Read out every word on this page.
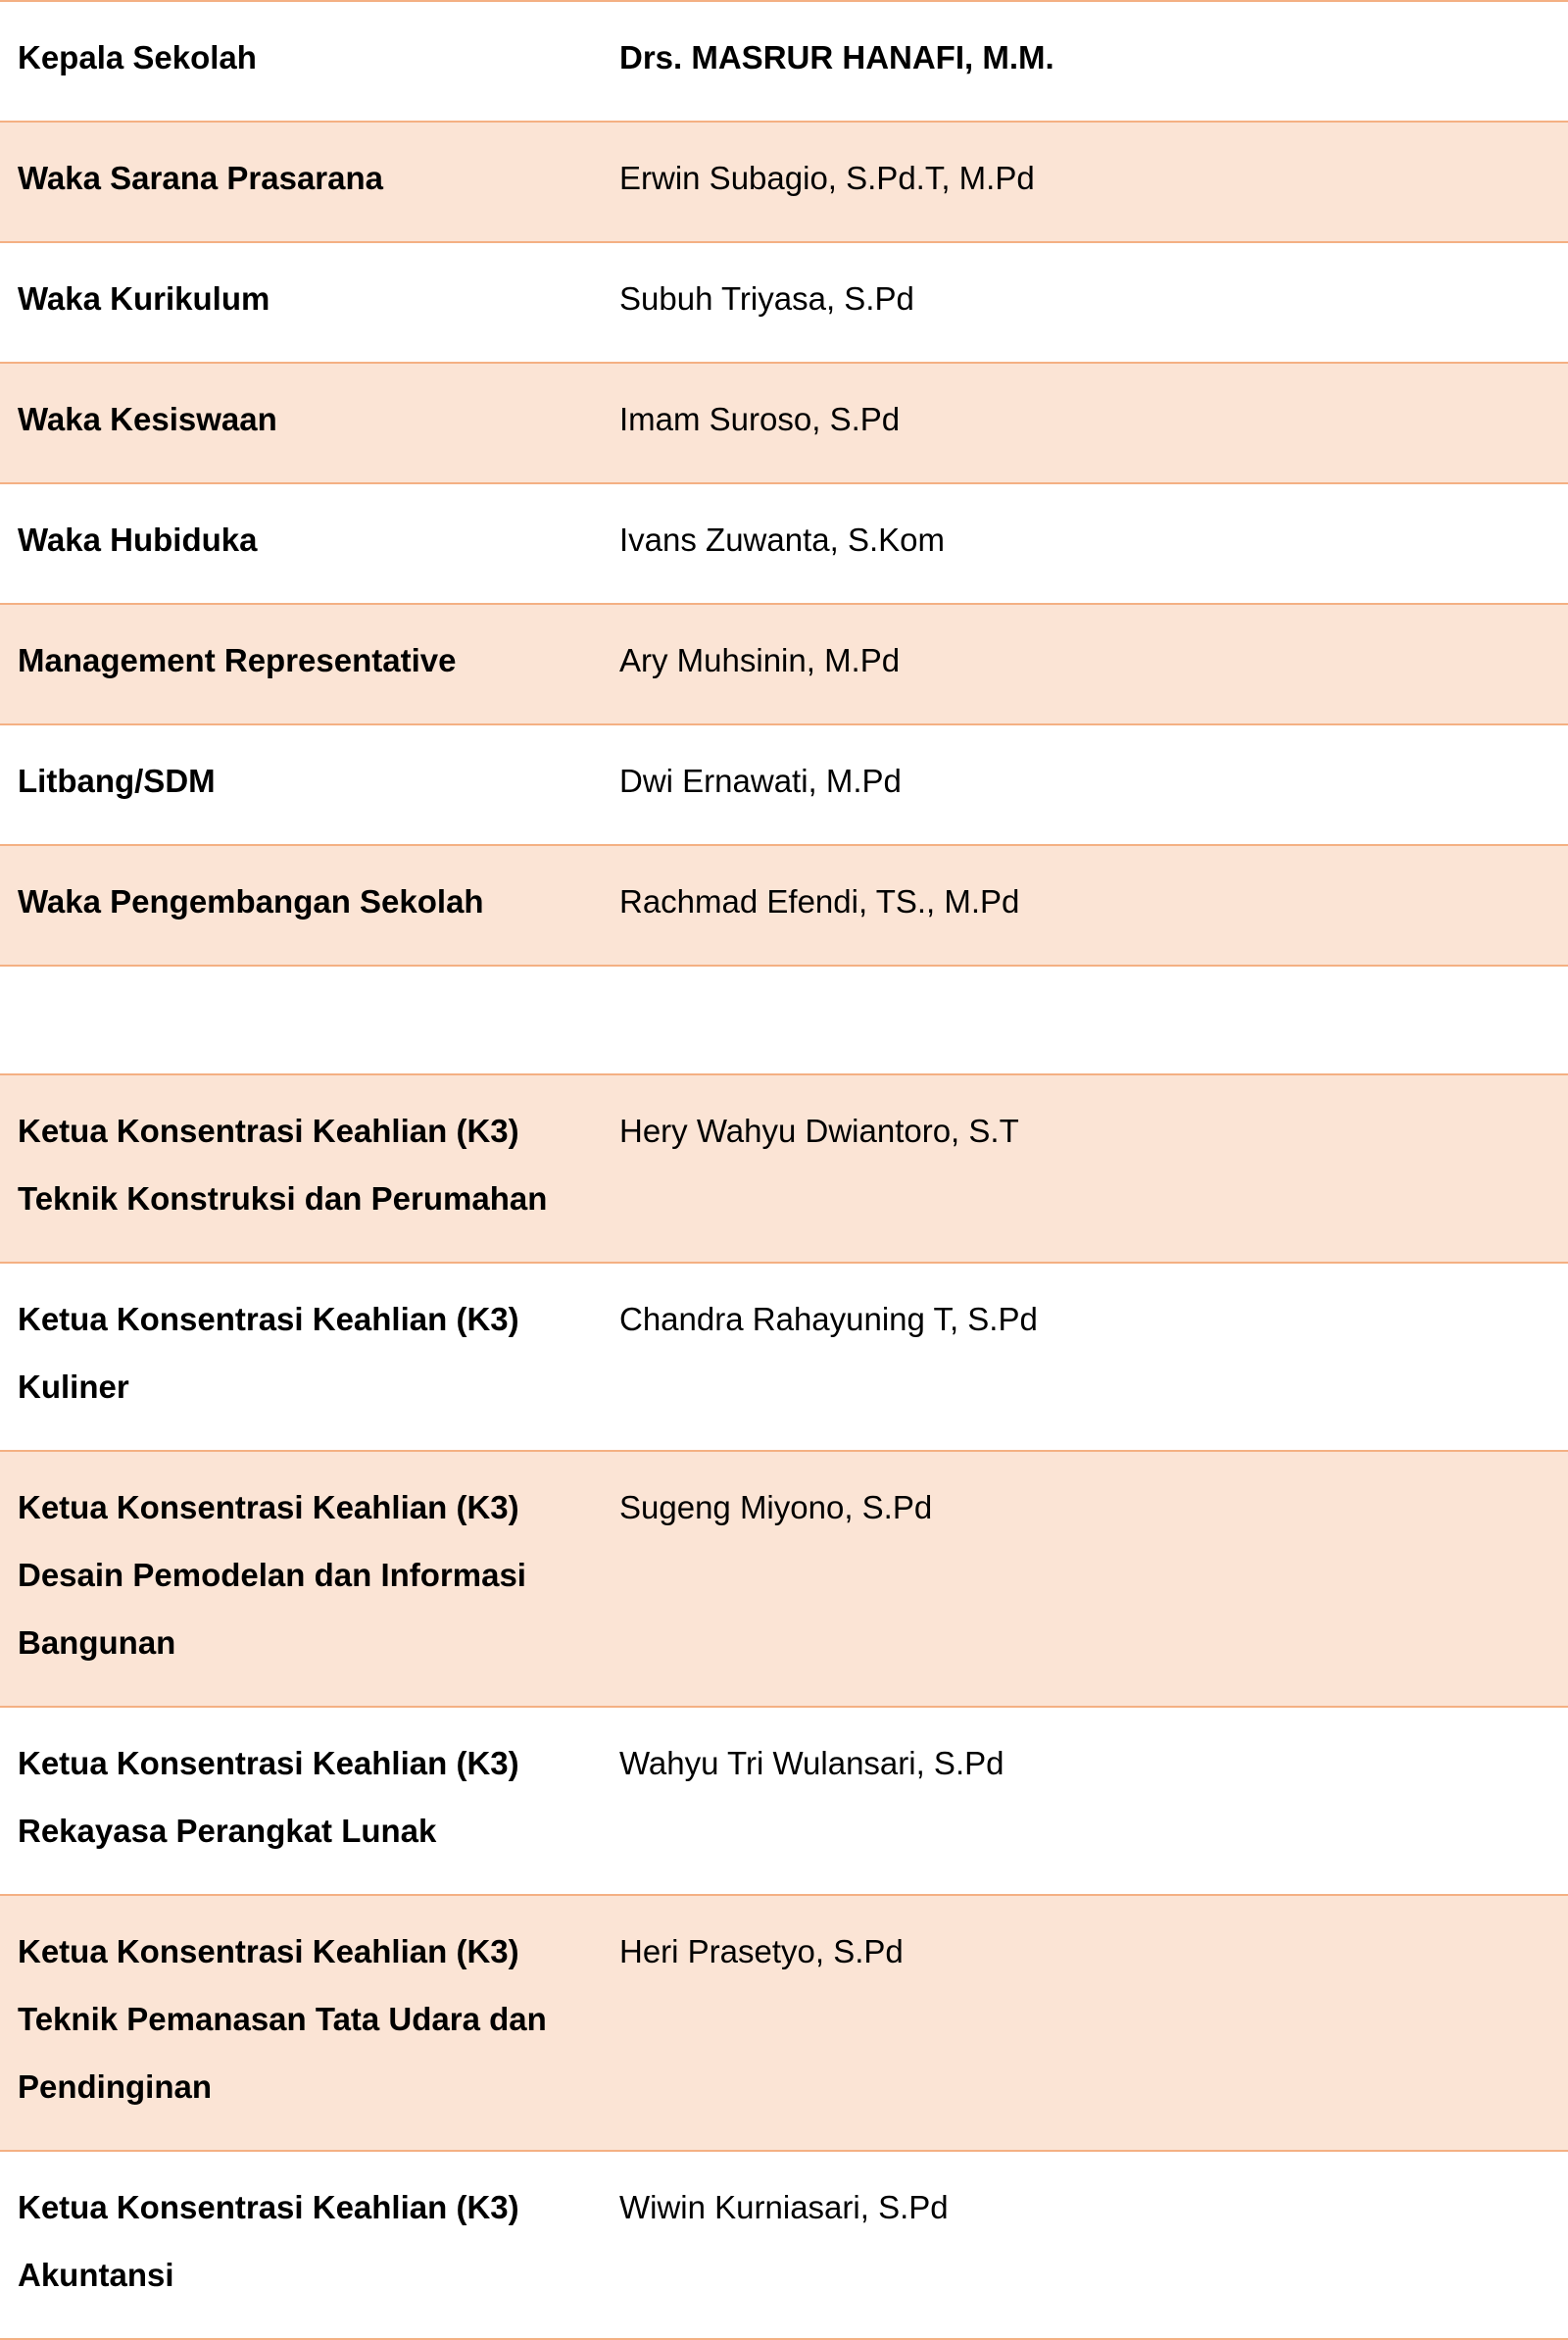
Kepala Sekolah	Drs. MASRUR HANAFI, M.M.
Waka Sarana Prasarana	Erwin Subagio, S.Pd.T, M.Pd
Waka Kurikulum	Subuh Triyasa, S.Pd
Waka Kesiswaan	Imam Suroso, S.Pd
Waka Hubiduka	Ivans Zuwanta, S.Kom
Management Representative	Ary Muhsinin, M.Pd
Litbang/SDM	Dwi Ernawati, M.Pd
Waka Pengembangan Sekolah	Rachmad Efendi, TS., M.Pd

Ketua Konsentrasi Keahlian (K3) Teknik Konstruksi dan Perumahan	Hery Wahyu Dwiantoro, S.T
Ketua Konsentrasi Keahlian (K3) Kuliner	Chandra Rahayuning T, S.Pd
Ketua Konsentrasi Keahlian (K3) Desain Pemodelan dan Informasi Bangunan	Sugeng Miyono, S.Pd
Ketua Konsentrasi Keahlian (K3) Rekayasa Perangkat Lunak	Wahyu Tri Wulansari, S.Pd
Ketua Konsentrasi Keahlian (K3) Teknik Pemanasan Tata Udara dan Pendinginan	Heri Prasetyo, S.Pd
Ketua Konsentrasi Keahlian (K3) Akuntansi	Wiwin Kurniasari, S.Pd
